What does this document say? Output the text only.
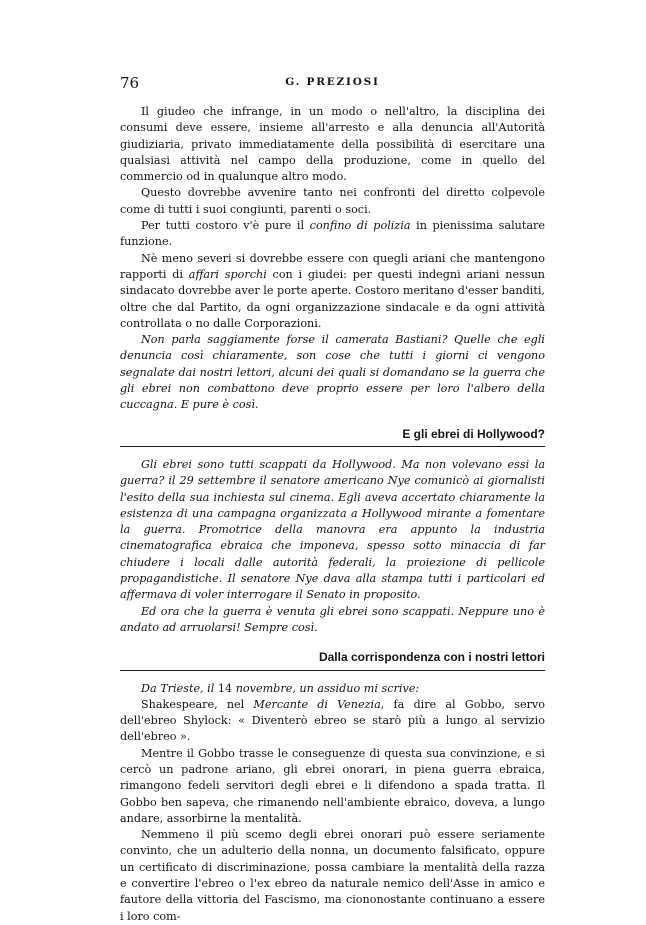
76	G. PREZIOSI

Il giudeo che infrange, in un modo o nell'altro, la disciplina dei consumi deve essere, insieme all'arresto e alla denuncia all'Autorità giudiziaria, privato immediatamente della possibilità di esercitare una qualsiasi attività nel campo della produzione, come in quello del commercio od in qualunque altro modo.

Questo dovrebbe avvenire tanto nei confronti del diretto colpevole come di tutti i suoi congiunti, parenti o soci.

Per tutti costoro v'è pure il confino di polizia in pienissima salutare funzione.

Nè meno severi si dovrebbe essere con quegli ariani che mantengono rapporti di affari sporchi con i giudei: per questi indegni ariani nessun sindacato dovrebbe aver le porte aperte. Costoro meritano d'esser banditi, oltre che dal Partito, da ogni organizzazione sindacale e da ogni attività controllata o no dalle Corporazioni.

Non parla saggiamente forse il camerata Bastiani? Quelle che egli denuncia così chiaramente, son cose che tutti i giorni ci vengono segnalate dai nostri lettori, alcuni dei quali si domandano se la guerra che gli ebrei non combattono deve proprio essere per loro l'albero della cuccagna. E pure è così.

E gli ebrei di Hollywood?

Gli ebrei sono tutti scappati da Hollywood. Ma non volevano essi la guerra? il 29 settembre il senatore americano Nye comunicò ai giornalisti l'esito della sua inchiesta sul cinema. Egli aveva accertato chiaramente la esistenza di una campagna organizzata a Hollywood mirante a fomentare la guerra. Promotrice della manovra era appunto la industria cinematografica ebraica che imponeva, spesso sotto minaccia di far chiudere i locali dalle autorità federali, la proiezione di pellicole propagandistiche. Il senatore Nye dava alla stampa tutti i particolari ed affermava di voler interrogare il Senato in proposito.

Ed ora che la guerra è venuta gli ebrei sono scappati. Neppure uno è andato ad arruolarsi! Sempre così.

Dalla corrispondenza con i nostri lettori

Da Trieste, il 14 novembre, un assiduo mi scrive:

Shakespeare, nel Mercante di Venezia, fa dire al Gobbo, servo dell'ebreo Shylock: « Diventerò ebreo se starò più a lungo al servizio dell'ebreo ».

Mentre il Gobbo trasse le conseguenze di questa sua convinzione, e si cercò un padrone ariano, gli ebrei onorari, in piena guerra ebraica, rimangono fedeli servitori degli ebrei e li difendono a spada tratta. Il Gobbo ben sapeva, che rimanendo nell'ambiente ebraico, doveva, a lungo andare, assorbirne la mentalità.

Nemmeno il più scemo degli ebrei onorari può essere seriamente convinto, che un adulterio della nonna, un documento falsificato, oppure un certificato di discriminazione, possa cambiare la mentalità della razza e convertire l'ebreo o l'ex ebreo da naturale nemico dell'Asse in amico e fautore della vittoria del Fascismo, ma ciononostante continuano a essere i loro com-
